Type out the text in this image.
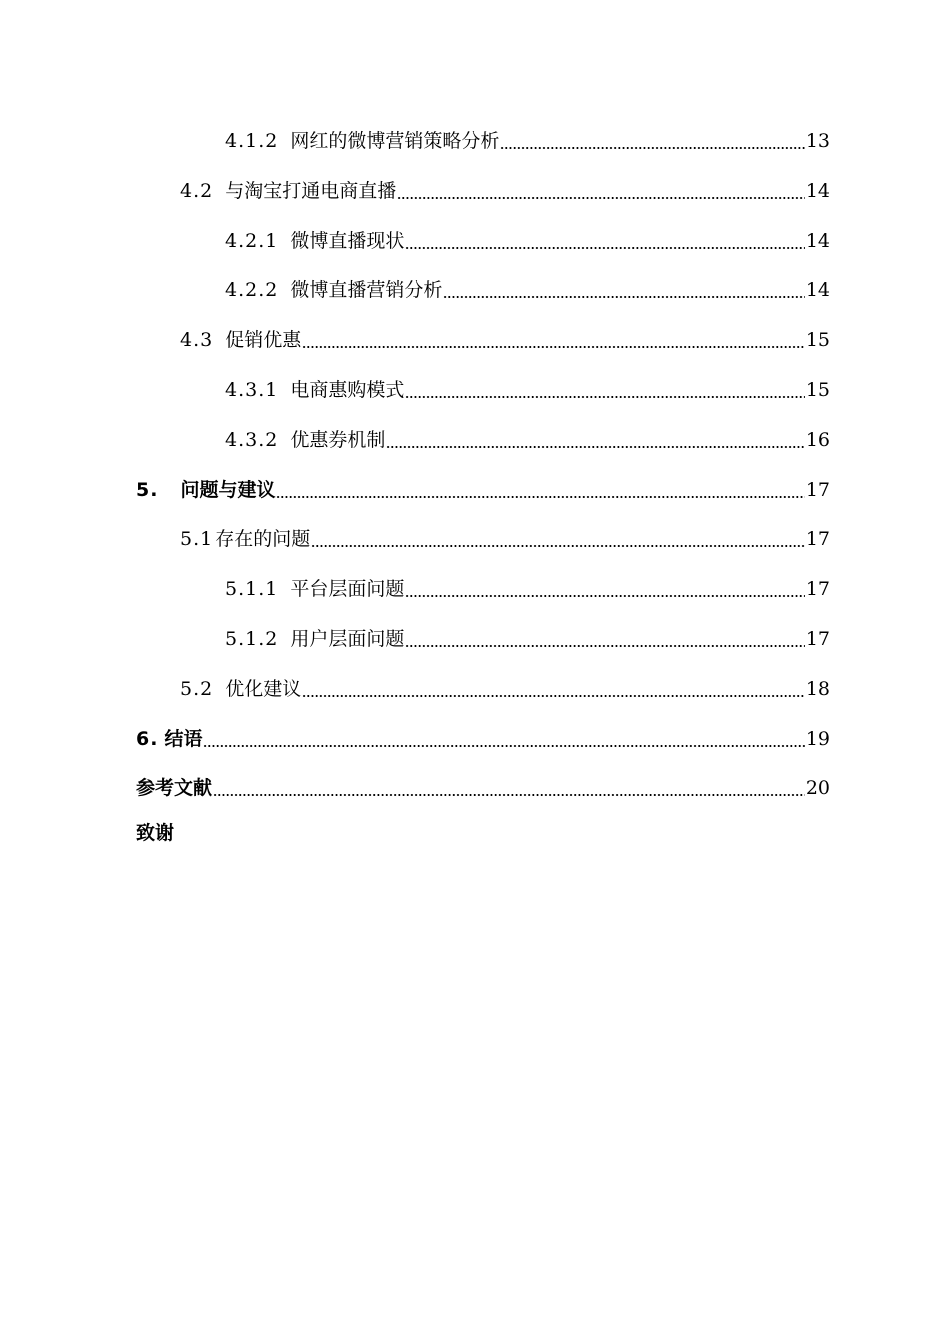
4.1.2 网红的微博营销策略分析	13
4.2 与淘宝打通电商直播	14
4.2.1 微博直播现状	14
4.2.2 微博直播营销分析	14
4.3 促销优惠	15
4.3.1 电商惠购模式	15
4.3.2 优惠券机制	16
5. 问题与建议	17
5.1 存在的问题	17
5.1.1 平台层面问题	17
5.1.2 用户层面问题	17
5.2 优化建议	18
6. 结语	19
参考文献	20
致谢
